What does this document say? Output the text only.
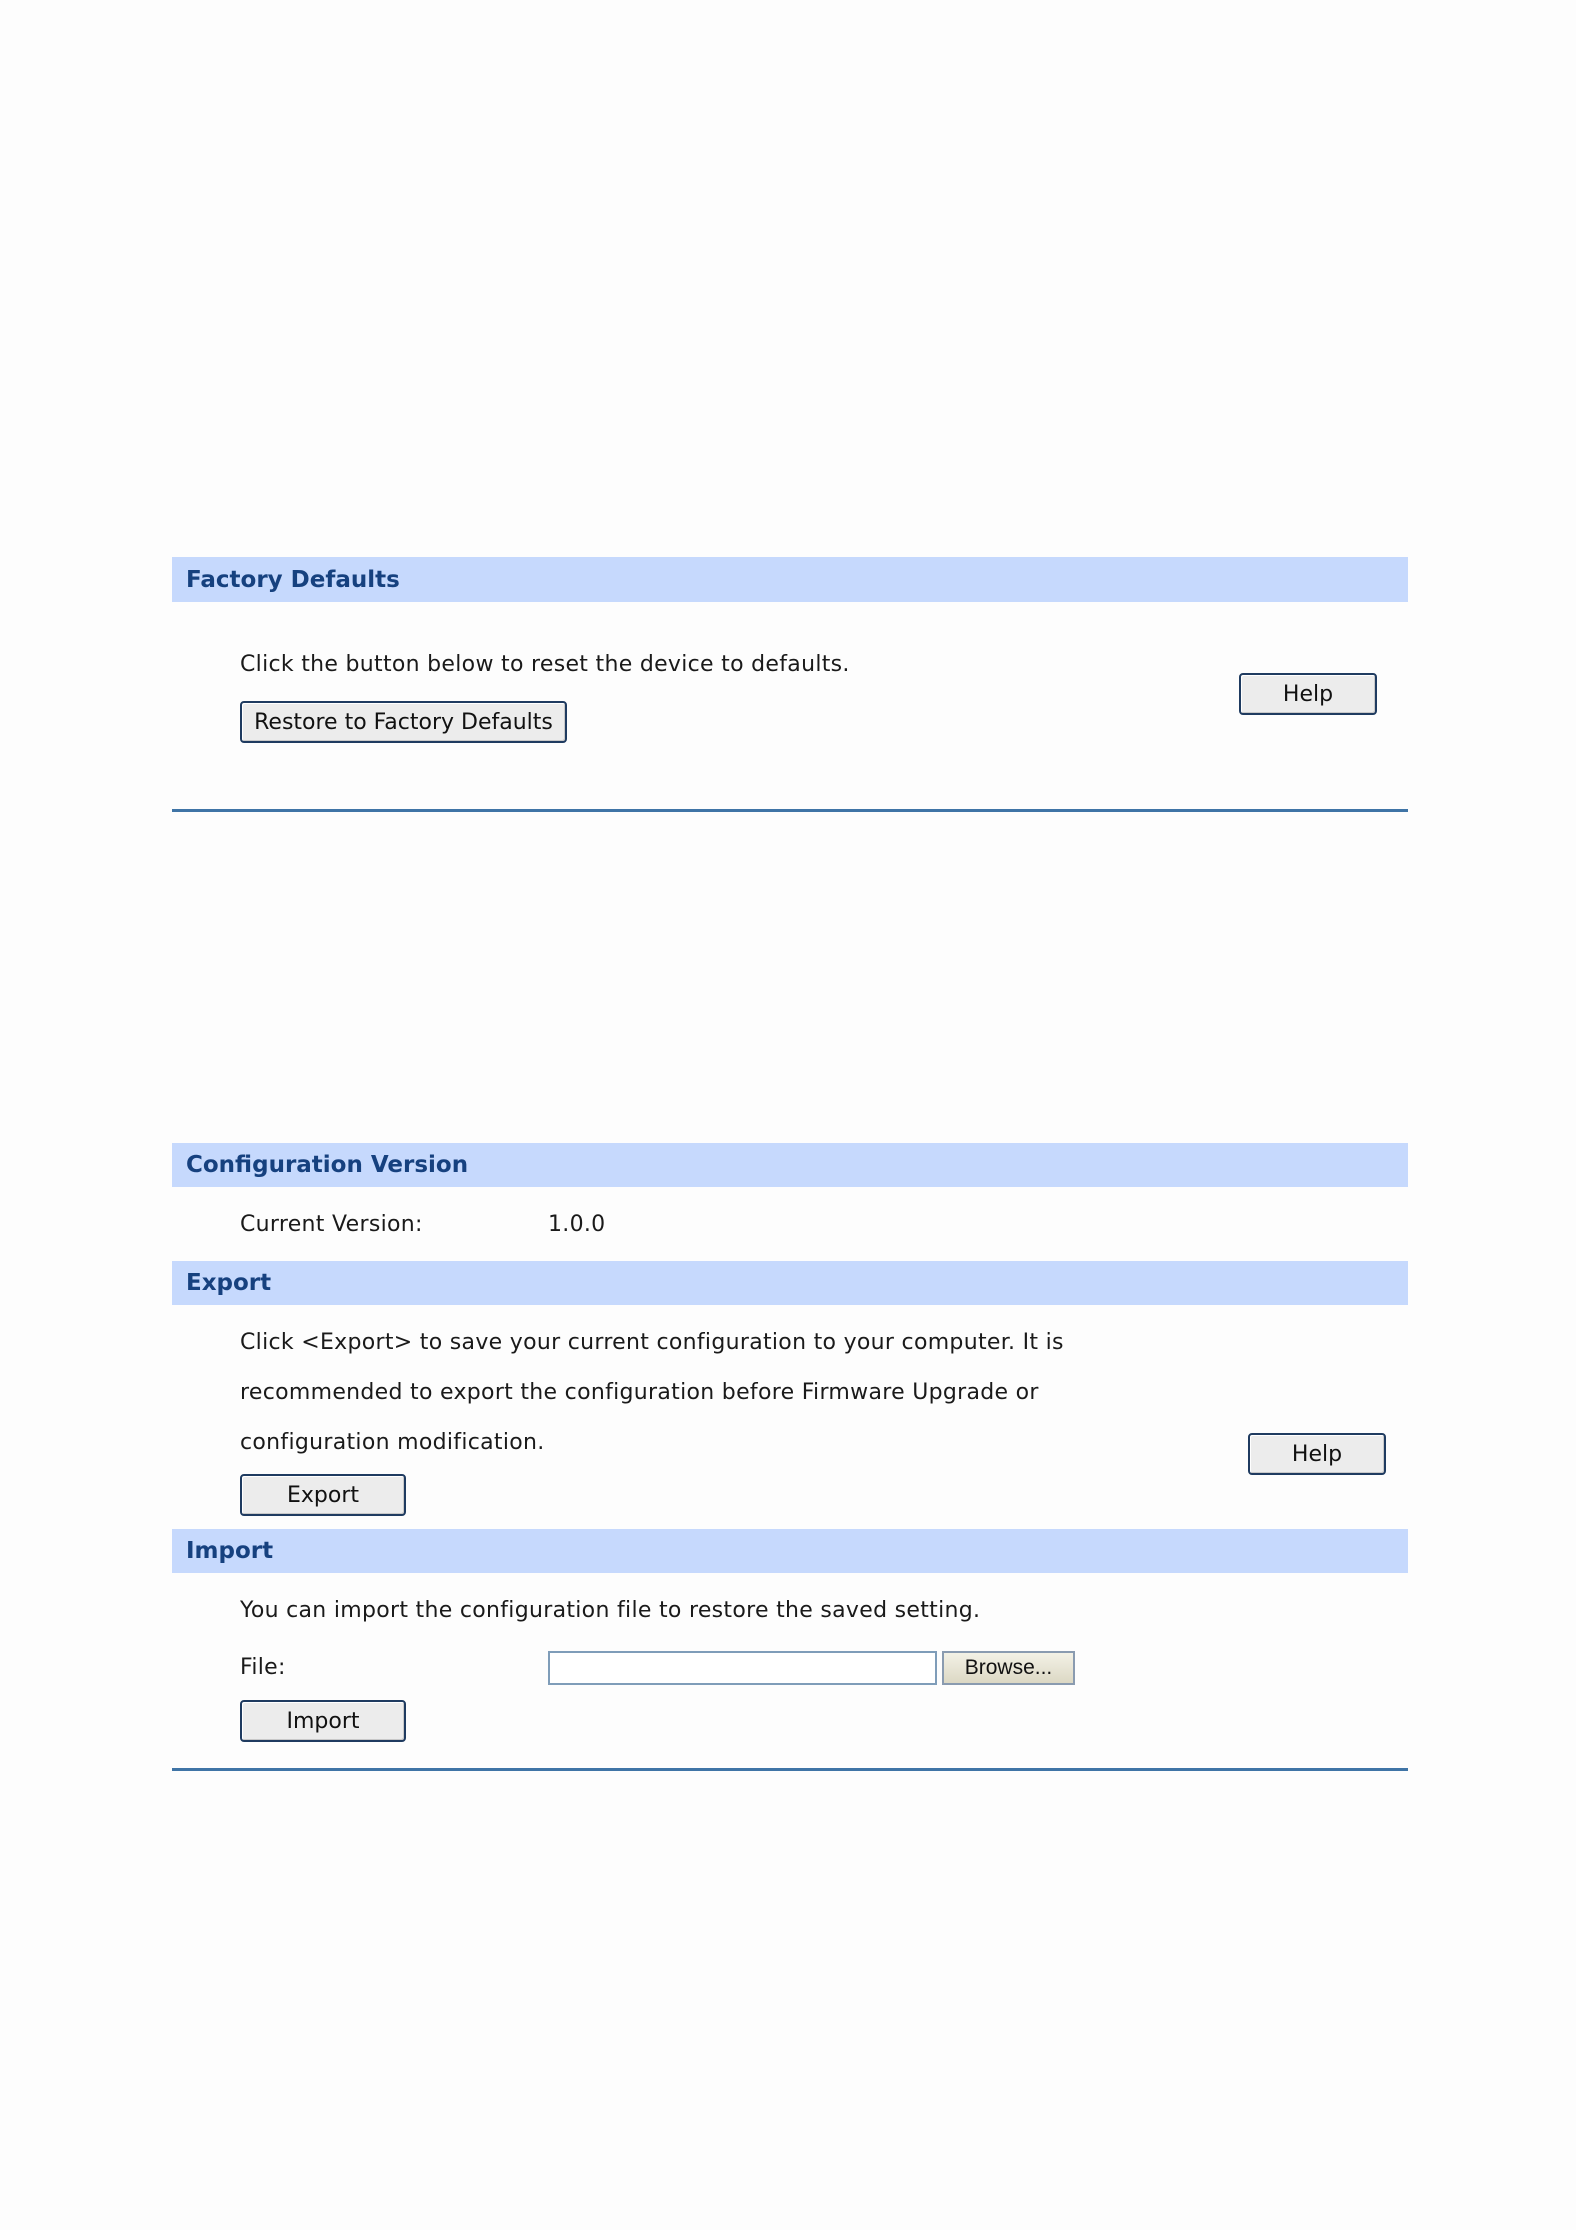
Factory Defaults
Click the button below to reset the device to defaults.
Restore to Factory Defaults
Help
Configuration Version
Current Version:	1.0.0
Export
Click <Export> to save your current configuration to your computer. It is
recommended to export the configuration before Firmware Upgrade or
configuration modification.
Export
Help
Import
You can import the configuration file to restore the saved setting.
File:	Browse...
Import
